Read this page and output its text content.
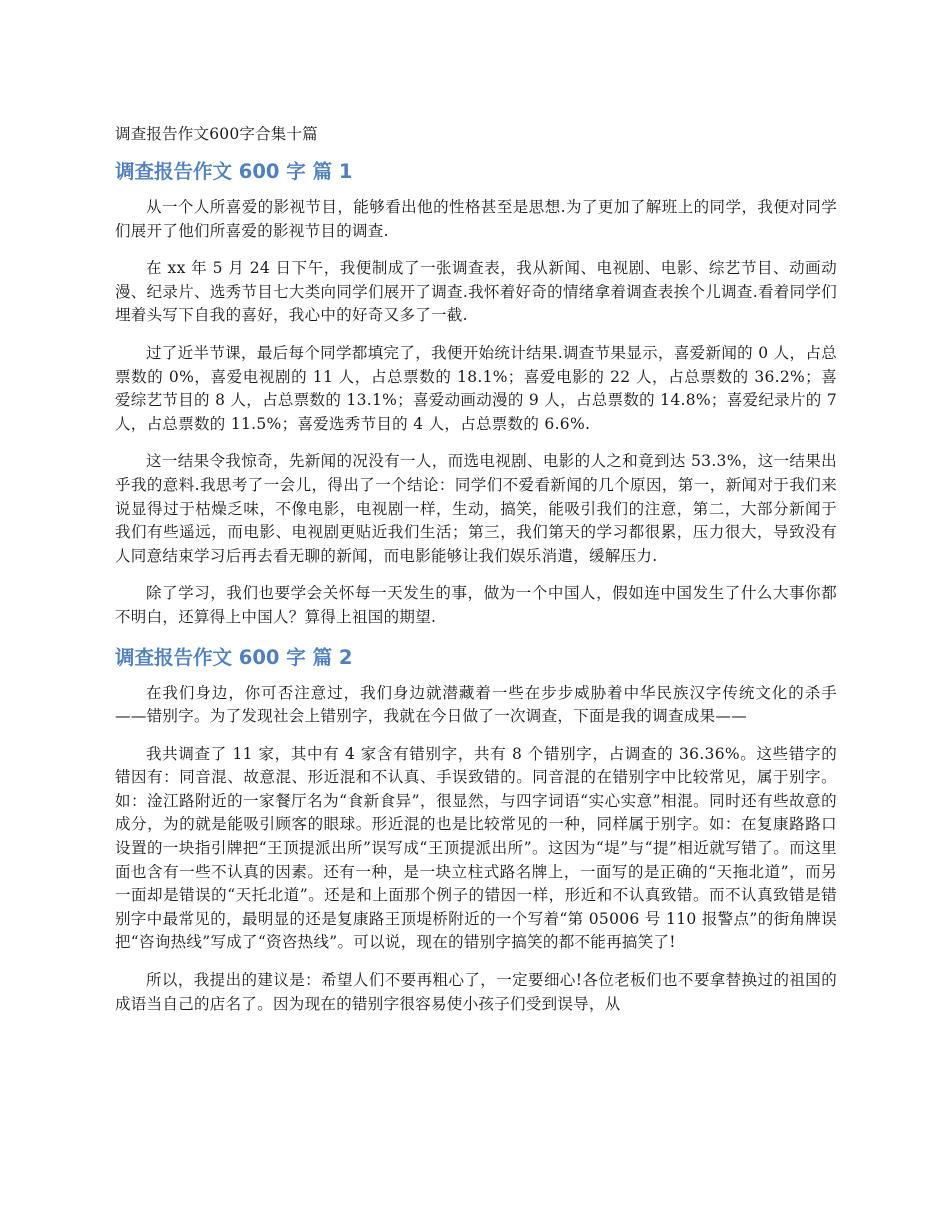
调查报告作文600字合集十篇
调查报告作文 600 字 篇 1

从一个人所喜爱的影视节目，能够看出他的性格甚至是思想.为了更加了解班上的同学，我便对同学们展开了他们所喜爱的影视节目的调查.

在 xx 年 5 月 24 日下午，我便制成了一张调查表，我从新闻、电视剧、电影、综艺节目、动画动漫、纪录片、选秀节目七大类向同学们展开了调查.我怀着好奇的情绪拿着调查表挨个儿调查.看着同学们埋着头写下自我的喜好，我心中的好奇又多了一截.

过了近半节课，最后每个同学都填完了，我便开始统计结果.调查节果显示，喜爱新闻的 0 人，占总票数的 0%，喜爱电视剧的 11 人，占总票数的 18.1%；喜爱电影的 22 人，占总票数的 36.2%；喜爱综艺节目的 8 人，占总票数的 13.1%；喜爱动画动漫的 9 人，占总票数的 14.8%；喜爱纪录片的 7 人，占总票数的 11.5%；喜爱选秀节目的 4 人，占总票数的 6.6%.

这一结果令我惊奇，先新闻的况没有一人，而选电视剧、电影的人之和竟到达 53.3%，这一结果出乎我的意料.我思考了一会儿，得出了一个结论：同学们不爱看新闻的几个原因，第一，新闻对于我们来说显得过于枯燥乏味，不像电影，电视剧一样，生动，搞笑，能吸引我们的注意，第二，大部分新闻于我们有些遥远，而电影、电视剧更贴近我们生活；第三，我们第天的学习都很累，压力很大，导致没有人同意结束学习后再去看无聊的新闻，而电影能够让我们娱乐消遣，缓解压力.

除了学习，我们也要学会关怀每一天发生的事，做为一个中国人，假如连中国发生了什么大事你都不明白，还算得上中国人？算得上祖国的期望.

调查报告作文 600 字 篇 2

在我们身边，你可否注意过，我们身边就潜藏着一些在步步威胁着中华民族汉字传统文化的杀手——错别字。为了发现社会上错别字，我就在今日做了一次调查，下面是我的调查成果——

我共调查了 11 家，其中有 4 家含有错别字，共有 8 个错别字，占调查的 36.36%。这些错字的错因有：同音混、故意混、形近混和不认真、手误致错的。同音混的在错别字中比较常见，属于别字。如：淦江路附近的一家餐厅名为“食新食异”，很显然，与四字词语“实心实意”相混。同时还有些故意的成分，为的就是能吸引顾客的眼球。形近混的也是比较常见的一种，同样属于别字。如：在复康路路口设置的一块指引牌把“王顶提派出所”误写成“王顶提派出所”。这因为“堤”与“提”相近就写错了。而这里面也含有一些不认真的因素。还有一种，是一块立柱式路名牌上，一面写的是正确的“天拖北道”，而另一面却是错误的“天托北道”。还是和上面那个例子的错因一样，形近和不认真致错。而不认真致错是错别字中最常见的，最明显的还是复康路王顶堤桥附近的一个写着“第 05006 号 110 报警点”的街角牌误把“咨询热线”写成了“资咨热线”。可以说，现在的错别字搞笑的都不能再搞笑了!

所以，我提出的建议是：希望人们不要再粗心了，一定要细心!各位老板们也不要拿替换过的祖国的成语当自己的店名了。因为现在的错别字很容易使小孩子们受到误导，从
